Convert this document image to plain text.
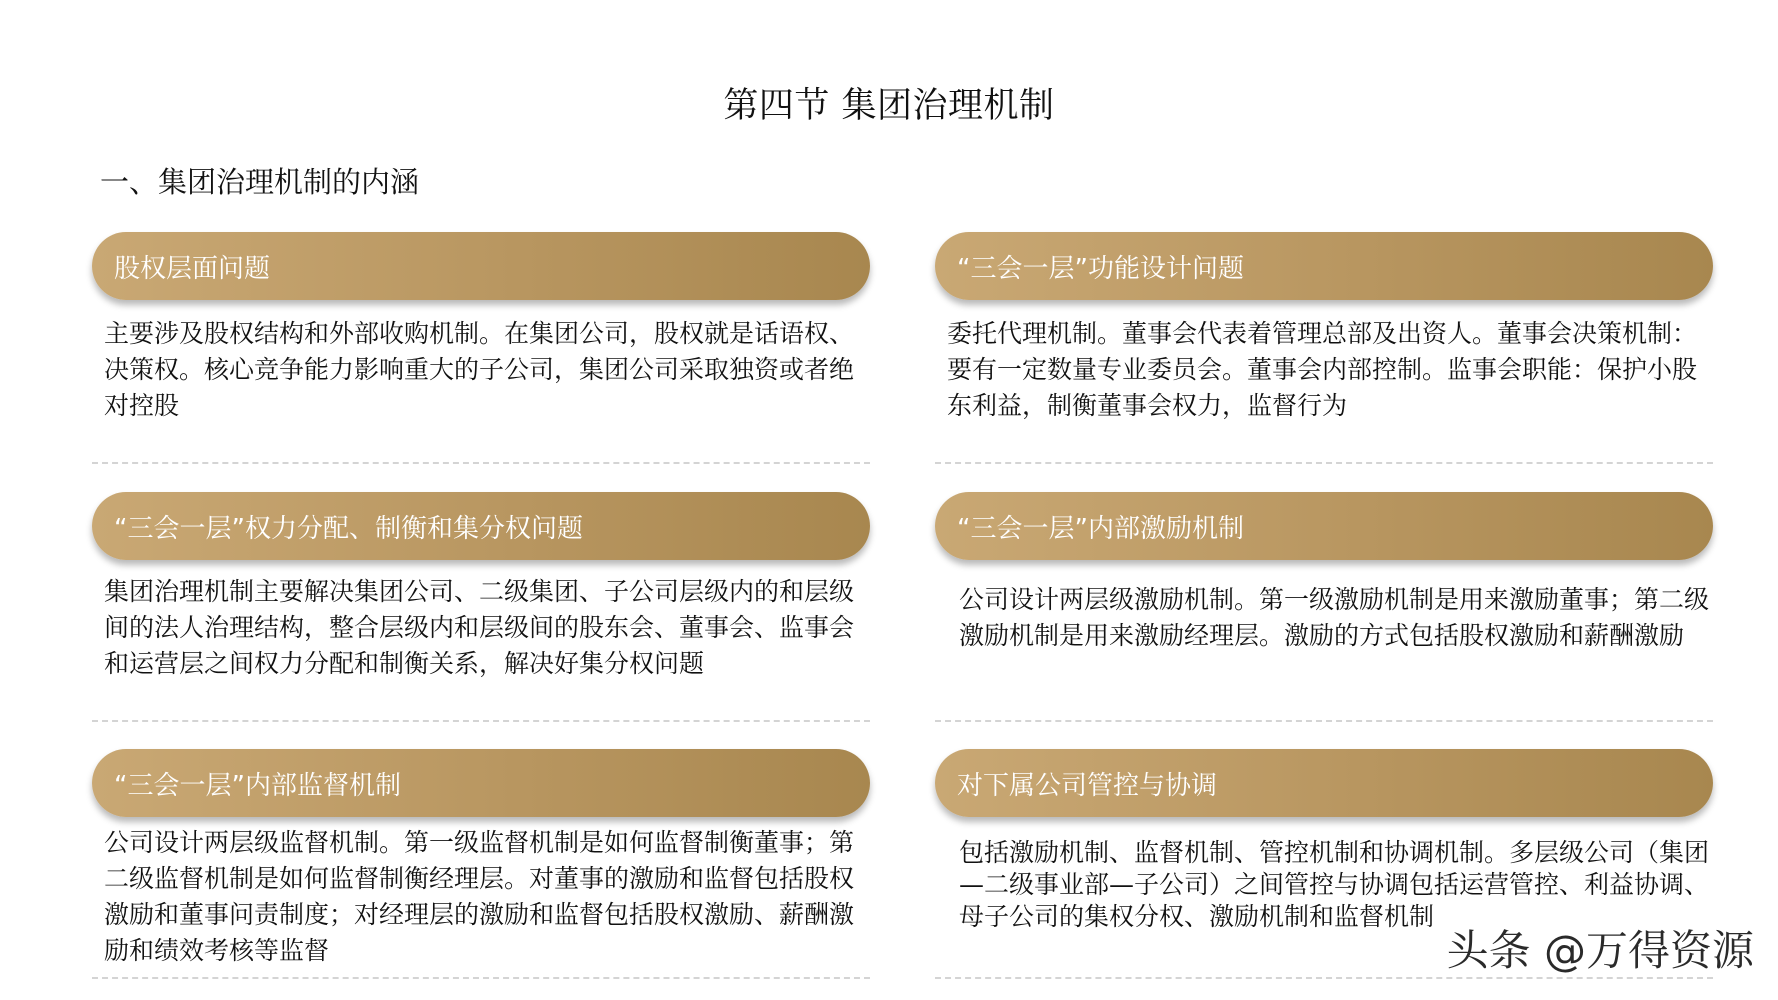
第四节 集团治理机制
一、集团治理机制的内涵
股权层面问题
主要涉及股权结构和外部收购机制。在集团公司，股权就是话语权、决策权。核心竞争能力影响重大的子公司，集团公司采取独资或者绝对控股
“三会一层”功能设计问题
委托代理机制。董事会代表着管理总部及出资人。董事会决策机制：要有一定数量专业委员会。董事会内部控制。监事会职能：保护小股东利益，制衡董事会权力，监督行为
“三会一层”权力分配、制衡和集分权问题
集团治理机制主要解决集团公司、二级集团、子公司层级内的和层级间的法人治理结构，整合层级内和层级间的股东会、董事会、监事会和运营层之间权力分配和制衡关系，解决好集分权问题
“三会一层”内部激励机制
公司设计两层级激励机制。第一级激励机制是用来激励董事；第二级激励机制是用来激励经理层。激励的方式包括股权激励和薪酬激励
“三会一层”内部监督机制
公司设计两层级监督机制。第一级监督机制是如何监督制衡董事；第二级监督机制是如何监督制衡经理层。对董事的激励和监督包括股权激励和董事问责制度；对经理层的激励和监督包括股权激励、薪酬激励和绩效考核等监督
对下属公司管控与协调
包括激励机制、监督机制、管控机制和协调机制。多层级公司（集团—二级事业部—子公司）之间管控与协调包括运营管控、利益协调、母子公司的集权分权、激励机制和监督机制
头条 @万得资源
